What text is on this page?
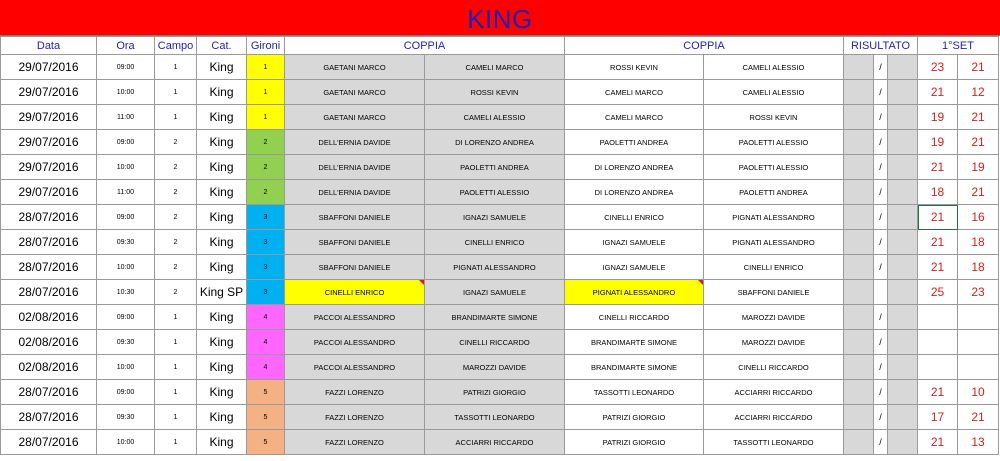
KING
Data	Ora	Campo	Cat.	Gironi	COPPIA		COPPIA		RISULTATO			1°SET	
29/07/2016	09:00	1	King	1	GAETANI MARCO	CAMELI MARCO	ROSSI KEVIN	CAMELI ALESSIO		/		23	21
29/07/2016	10:00	1	King	1	GAETANI MARCO	ROSSI KEVIN	CAMELI MARCO	CAMELI ALESSIO		/		21	12
29/07/2016	11:00	1	King	1	GAETANI MARCO	CAMELI ALESSIO	CAMELI MARCO	ROSSI KEVIN		/		19	21
29/07/2016	09:00	2	King	2	DELL'ERNIA DAVIDE	DI LORENZO ANDREA	PAOLETTI ANDREA	PAOLETTI ALESSIO		/		19	21
29/07/2016	10:00	2	King	2	DELL'ERNIA DAVIDE	PAOLETTI ANDREA	DI LORENZO ANDREA	PAOLETTI ALESSIO		/		21	19
29/07/2016	11:00	2	King	2	DELL'ERNIA DAVIDE	PAOLETTI ALESSIO	DI LORENZO ANDREA	PAOLETTI ANDREA		/		18	21
28/07/2016	09:00	2	King	3	SBAFFONI DANIELE	IGNAZI SAMUELE	CINELLI ENRICO	PIGNATI ALESSANDRO		/		21	16
28/07/2016	09:30	2	King	3	SBAFFONI DANIELE	CINELLI ENRICO	IGNAZI SAMUELE	PIGNATI ALESSANDRO		/		21	18
28/07/2016	10:00	2	King	3	SBAFFONI DANIELE	PIGNATI ALESSANDRO	IGNAZI SAMUELE	CINELLI ENRICO		/		21	18
28/07/2016	10:30	2	King SP	3	CINELLI ENRICO	IGNAZI SAMUELE	PIGNATI ALESSANDRO	SBAFFONI DANIELE				25	23
02/08/2016	09:00	1	King	4	PACCOI ALESSANDRO	BRANDIMARTE SIMONE	CINELLI RICCARDO	MAROZZI DAVIDE		/			
02/08/2016	09:30	1	King	4	PACCOI ALESSANDRO	CINELLI RICCARDO	BRANDIMARTE SIMONE	MAROZZI DAVIDE		/			
02/08/2016	10:00	1	King	4	PACCOI ALESSANDRO	MAROZZI DAVIDE	BRANDIMARTE SIMONE	CINELLI RICCARDO		/			
28/07/2016	09:00	1	King	5	FAZZI LORENZO	PATRIZI GIORGIO	TASSOTTI LEONARDO	ACCIARRI RICCARDO		/		21	10
28/07/2016	09:30	1	King	5	FAZZI LORENZO	TASSOTTI LEONARDO	PATRIZI GIORGIO	ACCIARRI RICCARDO		/		17	21
28/07/2016	10:00	1	King	5	FAZZI LORENZO	ACCIARRI RICCARDO	PATRIZI GIORGIO	TASSOTTI LEONARDO		/		21	13
